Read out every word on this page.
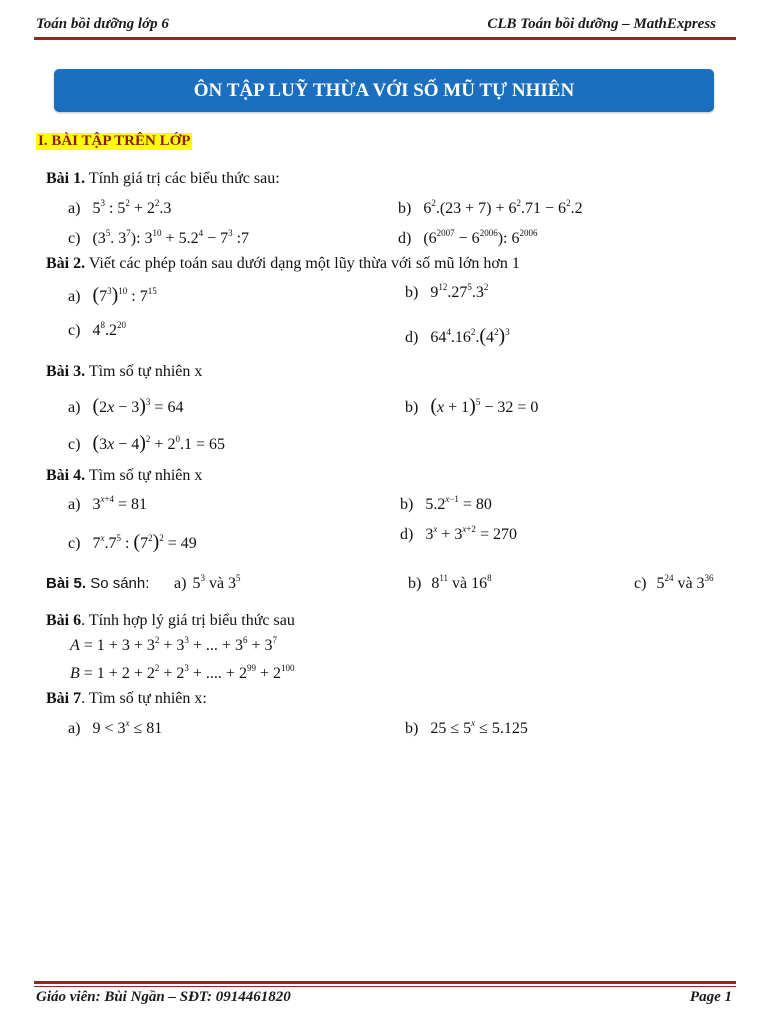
Toán bồi dưỡng lớp 6	CLB Toán bồi dưỡng – MathExpress
ÔN TẬP LUỸ THỪA VỚI SỐ MŨ TỰ NHIÊN
I. BÀI TẬP TRÊN LỚP
Bài 1. Tính giá trị các biểu thức sau:
a) $5^3$ : $5^2 + 2^2.3$	b) $6^2.(23 + 7) + 6^2.71 - 6^2.2$
c) ($3^5$. $3^7$): $3^{10} + 5.2^4 - 7^3$ :7	d) $(6^{2007} - 6^{2006})$: $6^{2006}$
Bài 2. Viết các phép toán sau dưới dạng một lũy thừa với số mũ lớn hơn 1
a) $(7^3)^{10}$ : $7^{15}$	b) $9^{12}.27^5.3^2$
c) $4^8.2^{20}$
d) $64^4.16^2.(4^2)^3$
Bài 3. Tìm số tự nhiên x
a) $(2x - 3)^3 = 64$	b) $(x + 1)^5 - 32 = 0$
c) $(3x - 4)^2 + 2^0.1 = 65$
Bài 4. Tìm số tự nhiên x
a) $3^{x+4} = 81$	b) $5.2^{x-1} = 80$
c) $7^x.7^5$ : $(7^2)^2 = 49$
d) $3^x + 3^{x+2} = 270$
Bài 5. So sánh: a) $5^3$ và $3^5$	b) $8^{11}$ và $16^8$	c) $5^{24}$ và $3^{36}$
Bài 6. Tính hợp lý giá trị biểu thức sau
$A = 1 + 3 + 3^2 + 3^3$ + ... + $3^6 + 3^7$
$B = 1 + 2 + 2^2 + 2^3$ + .... + $2^{99} + 2^{100}$
Bài 7. Tìm số tự nhiên x:
a) $9 < 3^x \le 81$	b) $25 \le 5^x \le 5.125$
Giáo viên: Bùi Ngần – SĐT: 0914461820	Page 1
